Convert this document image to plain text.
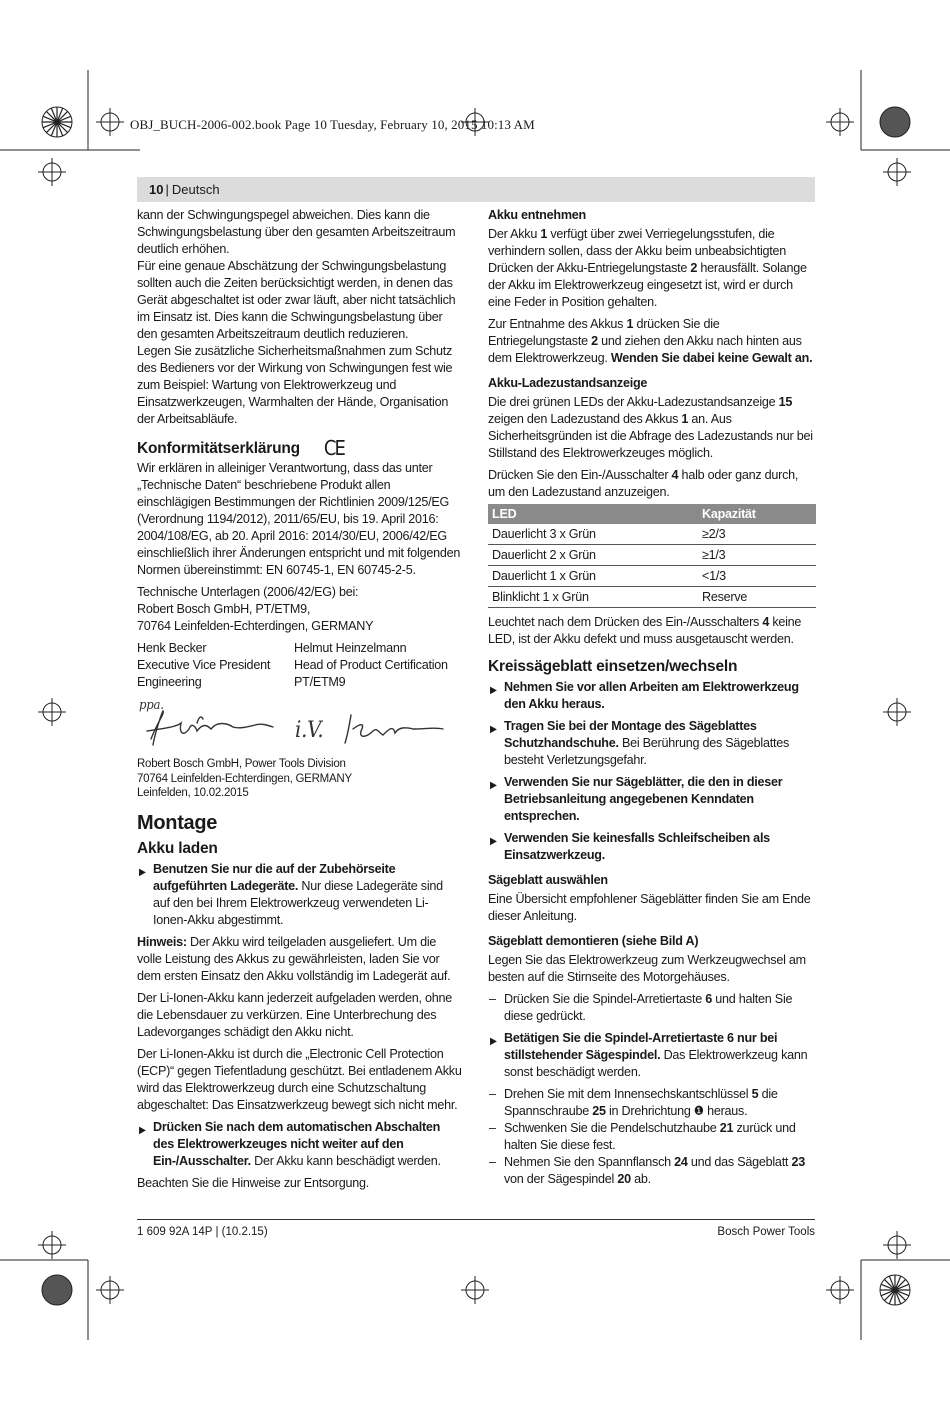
OBJ_BUCH-2006-002.book Page 10 Tuesday, February 10, 2015 10:13 AM
10 | Deutsch

kann der Schwingungspegel abweichen. Dies kann die Schwingungsbelastung über den gesamten Arbeitszeitraum deutlich erhöhen.

Für eine genaue Abschätzung der Schwingungsbelastung sollten auch die Zeiten berücksichtigt werden, in denen das Gerät abgeschaltet ist oder zwar läuft, aber nicht tatsächlich im Einsatz ist. Dies kann die Schwingungsbelastung über den gesamten Arbeitszeitraum deutlich reduzieren.

Legen Sie zusätzliche Sicherheitsmaßnahmen zum Schutz des Bedieners vor der Wirkung von Schwingungen fest wie zum Beispiel: Wartung von Elektrowerkzeug und Einsatzwerkzeugen, Warmhalten der Hände, Organisation der Arbeitsabläufe.

Konformitätserklärung CE

Wir erklären in alleiniger Verantwortung, dass das unter „Technische Daten“ beschriebene Produkt allen einschlägigen Bestimmungen der Richtlinien 2009/125/EG (Verordnung 1194/2012), 2011/65/EU, bis 19. April 2016: 2004/108/EG, ab 20. April 2016: 2014/30/EU, 2006/42/EG einschließlich ihrer Änderungen entspricht und mit folgenden Normen übereinstimmt: EN 60745-1, EN 60745-2-5.

Technische Unterlagen (2006/42/EG) bei:

Robert Bosch GmbH, PT/ETM9,

70764 Leinfelden-Echterdingen, GERMANY

Henk Becker	Helmut Heinzelmann
Executive Vice President	Head of Product Certification
Engineering	PT/ETM9
ppa.
i.V.
Robert Bosch GmbH, Power Tools Division
70764 Leinfelden-Echterdingen, GERMANY
Leinfelden, 10.02.2015
Montage
Akku laden

▶ Benutzen Sie nur die auf der Zubehörseite aufgeführten Ladegeräte. Nur diese Ladegeräte sind auf den bei Ihrem Elektrowerkzeug verwendeten Li-Ionen-Akku abgestimmt.

Hinweis: Der Akku wird teilgeladen ausgeliefert. Um die volle Leistung des Akkus zu gewährleisten, laden Sie vor dem ersten Einsatz den Akku vollständig im Ladegerät auf.

Der Li-Ionen-Akku kann jederzeit aufgeladen werden, ohne die Lebensdauer zu verkürzen. Eine Unterbrechung des Ladevorganges schädigt den Akku nicht.

Der Li-Ionen-Akku ist durch die „Electronic Cell Protection (ECP)“ gegen Tiefentladung geschützt. Bei entladenem Akku wird das Elektrowerkzeug durch eine Schutzschaltung abgeschaltet: Das Einsatzwerkzeug bewegt sich nicht mehr.

▶ Drücken Sie nach dem automatischen Abschalten des Elektrowerkzeuges nicht weiter auf den Ein-/Ausschalter. Der Akku kann beschädigt werden.

Beachten Sie die Hinweise zur Entsorgung.

Akku entnehmen

Der Akku 1 verfügt über zwei Verriegelungsstufen, die verhindern sollen, dass der Akku beim unbeabsichtigten Drücken der Akku-Entriegelungstaste 2 herausfällt. Solange der Akku im Elektrowerkzeug eingesetzt ist, wird er durch eine Feder in Position gehalten.

Zur Entnahme des Akkus 1 drücken Sie die Entriegelungstaste 2 und ziehen den Akku nach hinten aus dem Elektrowerkzeug. Wenden Sie dabei keine Gewalt an.

Akku-Ladezustandsanzeige

Die drei grünen LEDs der Akku-Ladezustandsanzeige 15 zeigen den Ladezustand des Akkus 1 an. Aus Sicherheitsgründen ist die Abfrage des Ladezustands nur bei Stillstand des Elektrowerkzeuges möglich.

Drücken Sie den Ein-/Ausschalter 4 halb oder ganz durch, um den Ladezustand anzuzeigen.

LED	Kapazität
Dauerlicht 3 x Grün	≥2/3
Dauerlicht 2 x Grün	≥1/3
Dauerlicht 1 x Grün	<1/3
Blinklicht 1 x Grün	Reserve

Leuchtet nach dem Drücken des Ein-/Ausschalters 4 keine LED, ist der Akku defekt und muss ausgetauscht werden.

Kreissägeblatt einsetzen/wechseln

▶ Nehmen Sie vor allen Arbeiten am Elektrowerkzeug den Akku heraus.

▶ Tragen Sie bei der Montage des Sägeblattes Schutzhandschuhe. Bei Berührung des Sägeblattes besteht Verletzungsgefahr.

▶ Verwenden Sie nur Sägeblätter, die den in dieser Betriebsanleitung angegebenen Kenndaten entsprechen.

▶ Verwenden Sie keinesfalls Schleifscheiben als Einsatzwerkzeug.

Sägeblatt auswählen

Eine Übersicht empfohlener Sägeblätter finden Sie am Ende dieser Anleitung.

Sägeblatt demontieren (siehe Bild A)

Legen Sie das Elektrowerkzeug zum Werkzeugwechsel am besten auf die Stirnseite des Motorgehäuses.

– Drücken Sie die Spindel-Arretiertaste 6 und halten Sie diese gedrückt.

▶ Betätigen Sie die Spindel-Arretiertaste 6 nur bei stillstehender Sägespindel. Das Elektrowerkzeug kann sonst beschädigt werden.

– Drehen Sie mit dem Innensechskantschlüssel 5 die Spannschraube 25 in Drehrichtung ❶ heraus.

– Schwenken Sie die Pendelschutzhaube 21 zurück und halten Sie diese fest.

– Nehmen Sie den Spannflansch 24 und das Sägeblatt 23 von der Sägespindel 20 ab.

1 609 92A 14P | (10.2.15)	Bosch Power Tools
